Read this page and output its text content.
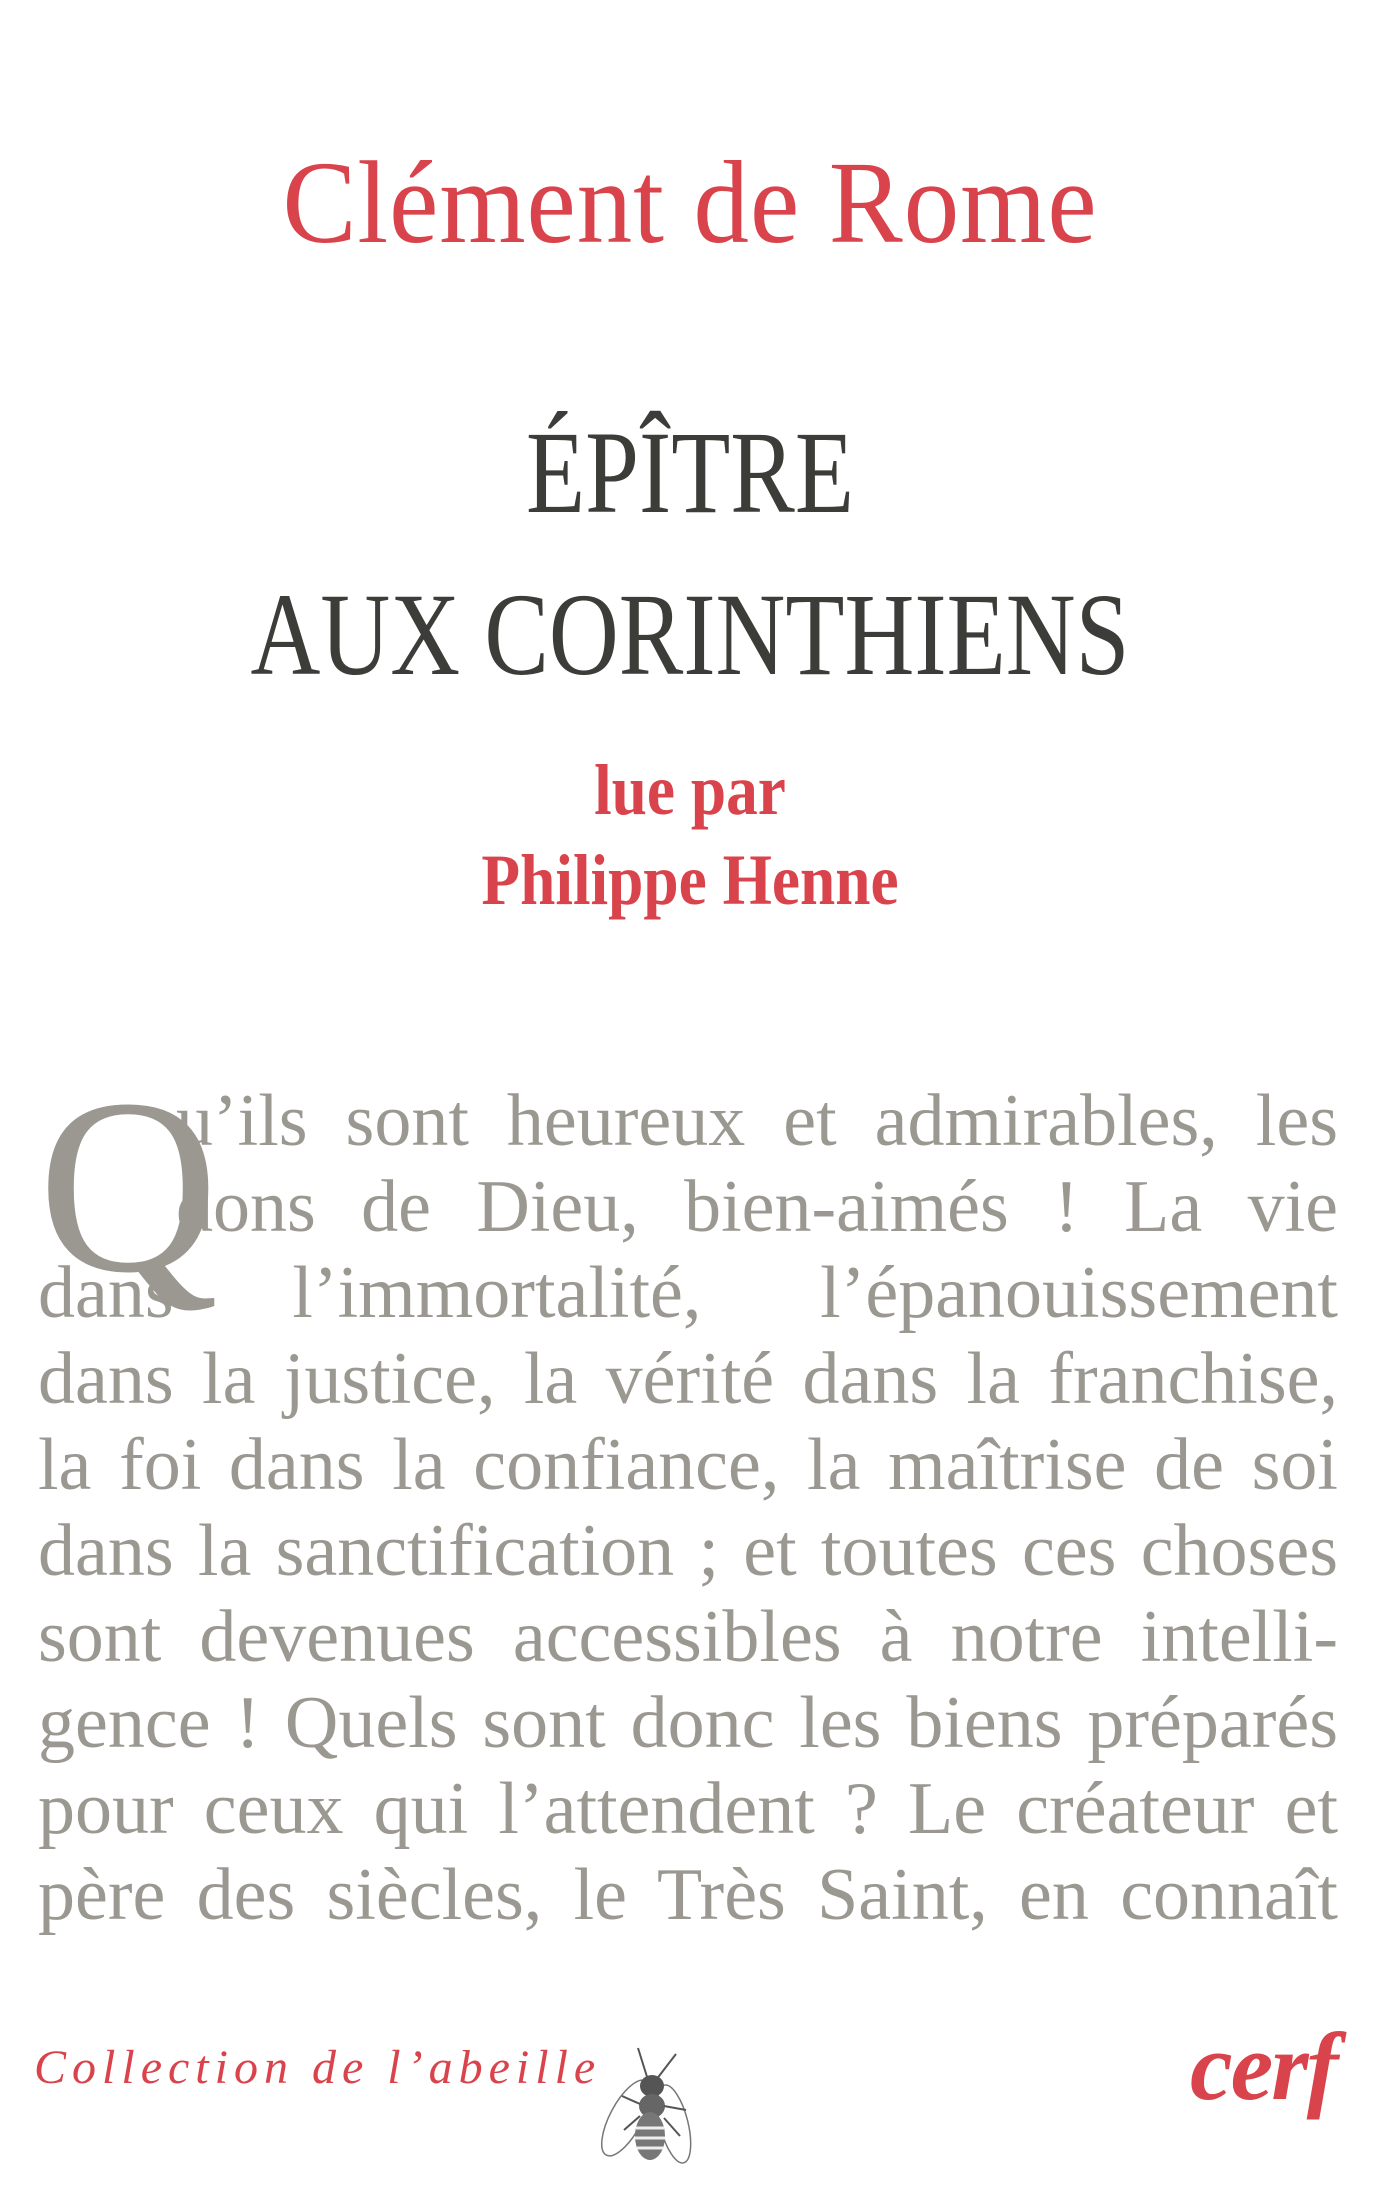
Clément de Rome
ÉPÎTRE
AUX CORINTHIENS
lue par
Philippe Henne
Q
u’ils sont heureux et admirables, les
dons de Dieu, bien-aimés ! La vie
dans l’immortalité, l’épanouissement
dans la justice, la vérité dans la franchise,
la foi dans la confiance, la maîtrise de soi
dans la sanctification ; et toutes ces choses
sont devenues accessibles à notre intelli-
gence ! Quels sont donc les biens préparés
pour ceux qui l’attendent ? Le créateur et
père des siècles, le Très Saint, en connaît
Collection de l’abeille	cerf
